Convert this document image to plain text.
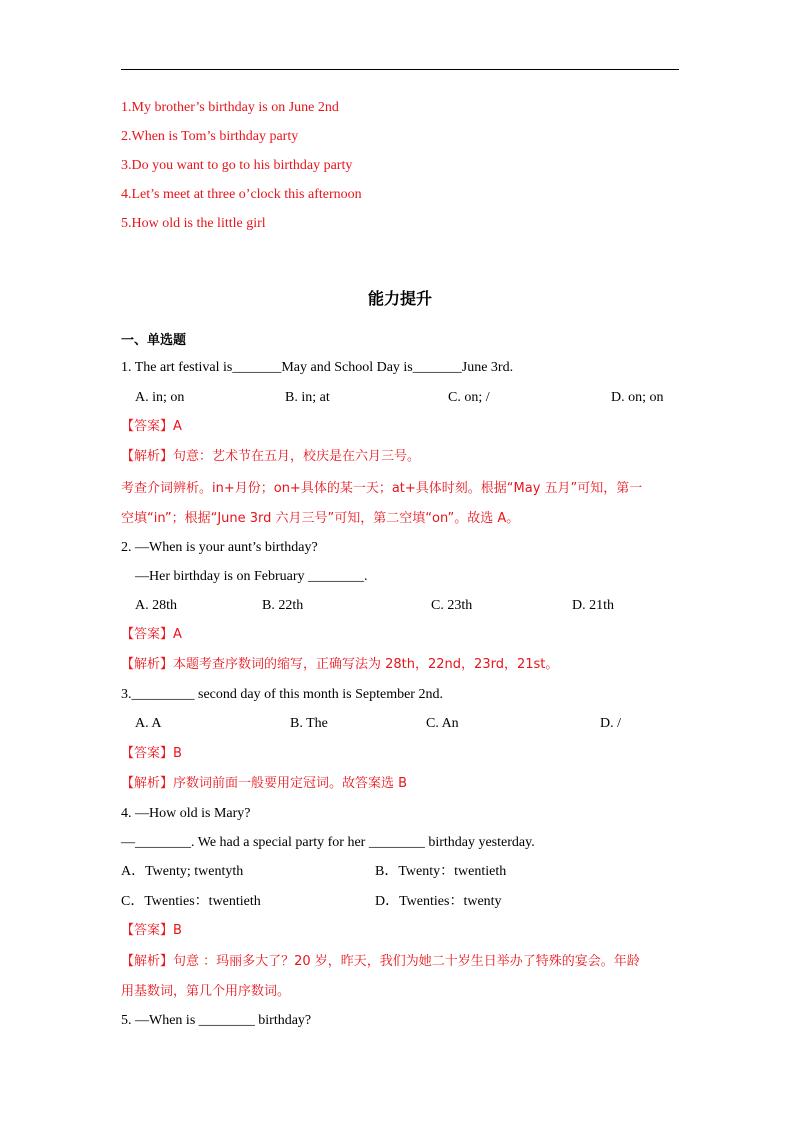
1.My brother’s birthday is on June 2nd
2.When is Tom’s birthday party
3.Do you want to go to his birthday party
4.Let’s meet at three o’clock this afternoon
5.How old is the little girl
能力提升
一、单选题
1. The art festival is_______May and School Day is_______June 3rd.
A. in; on	B. in; at	C. on; /	D. on; on
【答案】A
【解析】句意：艺术节在五月，校庆是在六月三号。
考查介词辨析。in+月份；on+具体的某一天；at+具体时刻。根据“May 五月”可知，第一
空填“in”；根据“June 3rd 六月三号”可知，第二空填“on”。故选 A。
2. —When is your aunt’s birthday?
—Her birthday is on February ________.
A. 28th	B. 22th	C. 23th	D. 21th
【答案】A
【解析】本题考查序数词的缩写，正确写法为 28th，22nd，23rd，21st。
3._________ second day of this month is September 2nd.
A. A	B. The	C. An	D. /
【答案】B
【解析】序数词前面一般要用定冠词。故答案选 B
4. —How old is Mary?
—________. We had a special party for her ________ birthday yesterday.
A．Twenty; twentyth	B．Twenty：twentieth
C．Twenties：twentieth	D．Twenties：twenty
【答案】B
【解析】句意 ：玛丽多大了？20 岁，昨天，我们为她二十岁生日举办了特殊的宴会。年龄
用基数词，第几个用序数词。
5. —When is ________ birthday?
